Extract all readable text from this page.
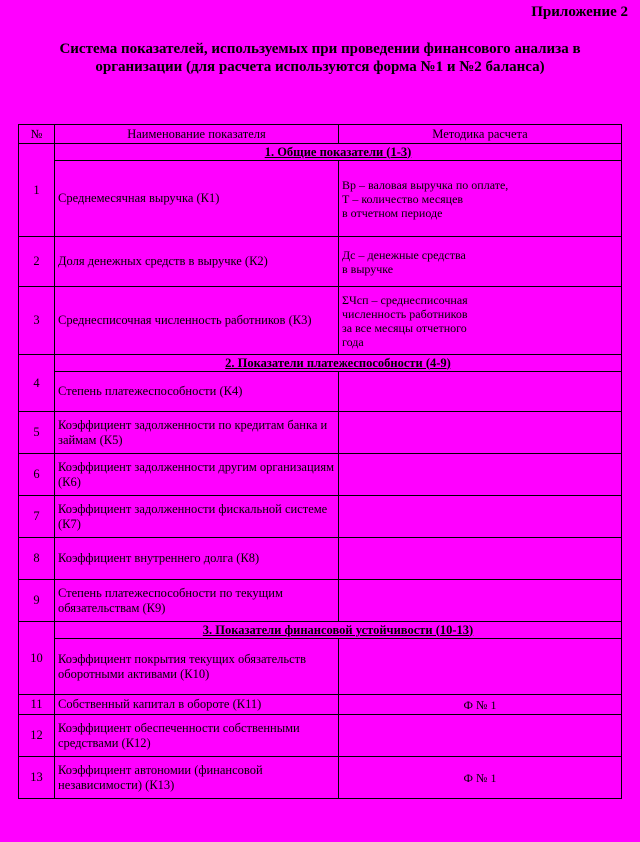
Приложение 2
Система показателей, используемых при проведении финансового анализа в организации (для расчета используются форма №1 и №2 баланса)
№	Наименование показателя	Методика расчета
1	1. Общие показатели (1-3)	
	Среднемесячная выручка (К1)	Вр – валовая выручка по оплате,
Т – количество месяцев
в отчетном периоде

2	Доля денежных средств в выручке (К2)	Дс – денежные средства
в выручке

3	Среднесписочная численность работников (К3)	ΣЧсп – среднесписочная
численность работников
за все месяцы отчетного
года

4	2. Показатели платежеспособности (4-9)	
	Степень платежеспособности (К4)	
5	Коэффициент задолженности по кредитам банка и займам (К5)	
6	Коэффициент задолженности другим организациям (К6)	
7	Коэффициент задолженности фискальной системе (К7)	
8	Коэффициент внутреннего долга (К8)	
9	Степень платежеспособности по текущим обязательствам (К9)	
10	3. Показатели финансовой устойчивости (10-13)	
	Коэффициент покрытия текущих обязательств оборотными активами (К10)	
11	Собственный капитал в обороте (К11)	Ф № 1

12	Коэффициент обеспеченности собственными средствами (К12)	
13	Коэффициент автономии (финансовой независимости) (К13)	Ф № 1
